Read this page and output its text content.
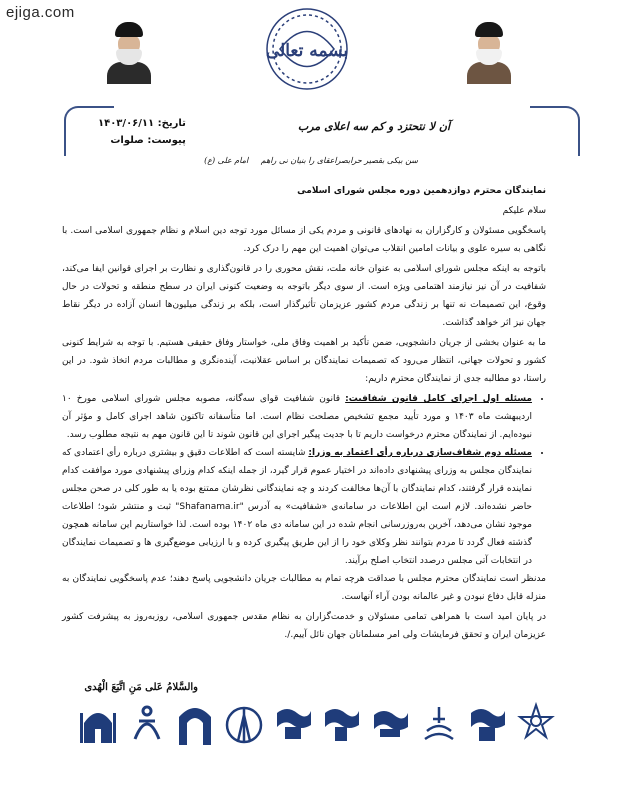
ejiga.com
بسمه تعالی
تاریخ: ۱۴۰۳/۰۶/۱۱
پیوست: صلوات
آن لا نتحتزد و کم سه اعلای مرب
سن بیکی بقصیر حرابصراعقای را بنیان نی راهم امام علی (ع)

نمایندگان محترم دوازدهمین دوره مجلس شورای اسلامی

سلام علیکم

پاسخگویی مسئولان و کارگزاران به نهادهای قانونی و مردم یکی از مسائل مورد توجه دین اسلام و نظام جمهوری اسلامی است. با نگاهی به سیره علوی و بیانات امامین انقلاب می‌توان اهمیت این مهم را درک کرد.

باتوجه به اینکه مجلس شورای اسلامی به عنوان خانه ملت، نقش محوری را در قانون‌گذاری و نظارت بر اجرای قوانین ایفا می‌کند، شفافیت در آن نیز نیازمند اهتمامی ویژه است. از سوی دیگر باتوجه به وضعیت کنونی ایران در سطح منطقه و تحولات در حال وقوع، این تصمیمات نه تنها بر زندگی مردم کشور عزیزمان تأثیرگذار است، بلکه بر زندگی میلیون‌ها انسان آزاده در دیگر نقاط جهان نیز اثر خواهد گذاشت.

ما به عنوان بخشی از جریان دانشجویی، ضمن تأکید بر اهمیت وفاق ملی، خواستار وفاق حقیقی هستیم. با توجه به شرایط کنونی کشور و تحولات جهانی، انتظار می‌رود که تصمیمات نمایندگان بر اساس عقلانیت، آینده‌نگری و مطالبات مردم اتخاذ شود. در این راستا، دو مطالبه جدی از نمایندگان محترم داریم:

• مسئله اول اجرای کامل قانون شفافیت: قانون شفافیت قوای سه‌گانه، مصوبه مجلس شورای اسلامی مورخ ۱۰ اردیبهشت ماه ۱۴۰۳ و مورد تأیید مجمع تشخیص مصلحت نظام است. اما متأسفانه تاکنون شاهد اجرای کامل و مؤثر آن نبوده‌ایم. از نمایندگان محترم درخواست داریم تا با جدیت پیگیر اجرای این قانون شوند تا این قانون مهم به نتیجه مطلوب رسد.
• مسئله دوم شفاف‌سازی درباره رأی اعتماد به وزرا: شایسته است که اطلاعات دقیق و بیشتری درباره رأی اعتمادی که نمایندگان مجلس به وزرای پیشنهادی داده‌اند در اختیار عموم قرار گیرد، از جمله اینکه کدام وزرای پیشنهادی مورد موافقت کدام نماینده قرار گرفتند، کدام نمایندگان با آن‌ها مخالفت کردند و چه نمایندگانی نظرشان ممتنع بوده یا به طور کلی در صحن مجلس حاضر نشده‌اند. لازم است این اطلاعات در سامانه‌ی «شفافیت» به آدرس "Shafanama.ir" ثبت و منتشر شود؛ اطلاعات موجود نشان می‌دهد، آخرین به‌روزرسانی انجام شده در این سامانه دی ماه ۱۴۰۲ بوده است. لذا خواستاریم این سامانه همچون گذشته فعال گردد تا مردم بتوانند نظر وکلای خود را از این طریق پیگیری کرده و با ارزیابی موضع‌گیری ها و تصمیمات نمایندگان در انتخابات آتی مجلس درصدد انتخاب اصلح برآیند.

مدنظر است نمایندگان محترم مجلس با صداقت هرچه تمام به مطالبات جریان دانشجویی پاسخ دهند؛ عدم پاسخگویی نمایندگان به منزله قابل دفاع نبودن و غیر عالمانه بودن آراء آنهاست.

در پایان امید است با همراهی تمامی مسئولان و خدمت‌گزاران به نظام مقدس جمهوری اسلامی، روزبه‌روز به پیشرفت کشور عزیزمان ایران و تحقق فرمایشات ولی امر مسلمانان جهان نائل آییم./.

والسَّلامُ عَلی مَنِ اتَّبَعَ الْهُدی
